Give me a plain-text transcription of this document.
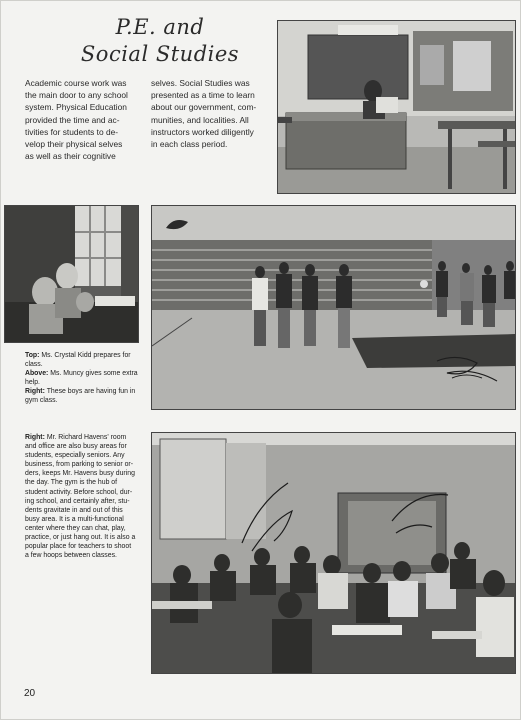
P.E. and
Social Studies
Academic course work was
the main door to any school
system. Physical Education
provided the time and ac-
tivities for students to de-
velop their physical selves
as well as their cognitive
selves. Social Studies was
presented as a time to learn
about our government, com-
munities, and localities. All
instructors worked diligently
in each class period.
Top: Ms. Crystal Kidd prepares for class.
Above: Ms. Muncy gives some extra help.
Right: These boys are having fun in gym class.
Right: Mr. Richard Havens' room
and office are also busy areas for
students, especially seniors. Any
business, from parking to senior or-
ders, keeps Mr. Havens busy during
the day. The gym is the hub of
student activity. Before school, dur-
ing school, and certainly after, stu-
dents gravitate in and out of this
busy area. It is a multi-functional
center where they can chat, play,
practice, or just hang out. It is also a
popular place for teachers to shoot
a few hoops between classes.
20
